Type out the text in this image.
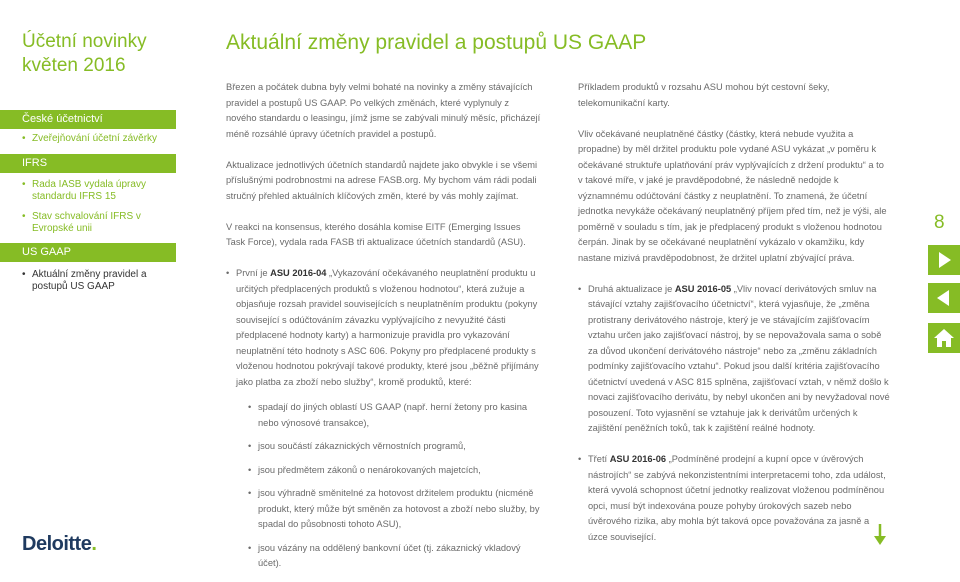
Účetní novinky
květen 2016
České účetnictví
• Zveřejňování účetní závěrky
IFRS
• Rada IASB vydala úpravy standardu IFRS 15
• Stav schvalování IFRS v Evropské unii
US GAAP
• Aktuální změny pravidel a postupů US GAAP
Deloitte.
Aktuální změny pravidel a postupů US GAAP

Březen a počátek dubna byly velmi bohaté na novinky a změny stávajících pravidel a postupů US GAAP. Po velkých změnách, které vyplynuly z nového standardu o leasingu, jímž jsme se zabývali minulý měsíc, přicházejí méně rozsáhlé úpravy účetních pravidel a postupů.

Aktualizace jednotlivých účetních standardů najdete jako obvykle i se všemi příslušnými podrobnostmi na adrese FASB.org. My bychom vám rádi podali stručný přehled aktuálních klíčových změn, které by vás mohly zajímat.

V reakci na konsensus, kterého dosáhla komise EITF (Emerging Issues Task Force), vydala rada FASB tři aktualizace účetních standardů (ASU).

• První je ASU 2016-04 „Vykazování očekávaného neuplatnění produktu u určitých předplacených produktů s vloženou hodnotou“, která zužuje a objasňuje rozsah pravidel souvisejících s neuplatněním produktu (pokyny související s odúčtováním závazku vyplývajícího z nevyužité části předplacené hodnoty karty) a harmonizuje pravidla pro vykazování neuplatnění této hodnoty s ASC 606. Pokyny pro předplacené produkty s vloženou hodnotou pokrývají takové produkty, které jsou „běžně přijímány jako platba za zboží nebo služby“, kromě produktů, které:
• spadají do jiných oblastí US GAAP (např. herní žetony pro kasina nebo výnosové transakce),
• jsou součástí zákaznických věrnostních programů,
• jsou předmětem zákonů o nenárokovaných majetcích,
• jsou výhradně směnitelné za hotovost držitelem produktu (nicméně produkt, který může být směněn za hotovost a zboží nebo služby, by spadal do působnosti tohoto ASU),
• jsou vázány na oddělený bankovní účet (tj. zákaznický vkladový účet).

Příkladem produktů v rozsahu ASU mohou být cestovní šeky, telekomunikační karty.

Vliv očekávané neuplatněné částky (částky, která nebude využita a propadne) by měl držitel produktu pole vydané ASU vykázat „v poměru k očekávané struktuře uplatňování práv vyplývajících z držení produktu“ a to v takové míře, v jaké je pravděpodobné, že následně nedojde k významnému odúčtování částky z neuplatnění. To znamená, že účetní jednotka nevykáže očekávaný neuplatněný příjem před tím, než je výši, ale poměrně v souladu s tím, jak je předplacený produkt s vloženou hodnotou čerpán. Jinak by se očekávané neuplatnění vykázalo v okamžiku, kdy nastane mizivá pravděpodobnost, že držitel uplatní zbývající práva.

• Druhá aktualizace je ASU 2016-05 „Vliv novací derivátových smluv na stávající vztahy zajišťovacího účetnictví“, která vyjasňuje, že „změna protistrany derivátového nástroje, který je ve stávajícím zajišťovacím vztahu určen jako zajišťovací nástroj, by se nepovažovala sama o sobě za důvod ukončení derivátového nástroje“ nebo za „změnu základních podmínky zajišťovacího vztahu“. Pokud jsou další kritéria zajišťovacího účetnictví uvedená v ASC 815 splněna, zajišťovací vztah, v němž došlo k novaci zajišťovacího derivátu, by nebyl ukončen ani by nevyžadoval nové posouzení. Toto vyjasnění se vztahuje jak k derivátům určených k zajištění peněžních toků, tak k zajištění reálné hodnoty.
• Třetí ASU 2016-06 „Podmíněné prodejní a kupní opce v úvěrových nástrojích“ se zabývá nekonzistentními interpretacemi toho, zda událost, která vyvolá schopnost účetní jednotky realizovat vloženou podmíněnou opci, musí být indexována pouze pohyby úrokových sazeb nebo úvěrového rizika, aby mohla být taková opce považována za jasně a úzce související.
8
